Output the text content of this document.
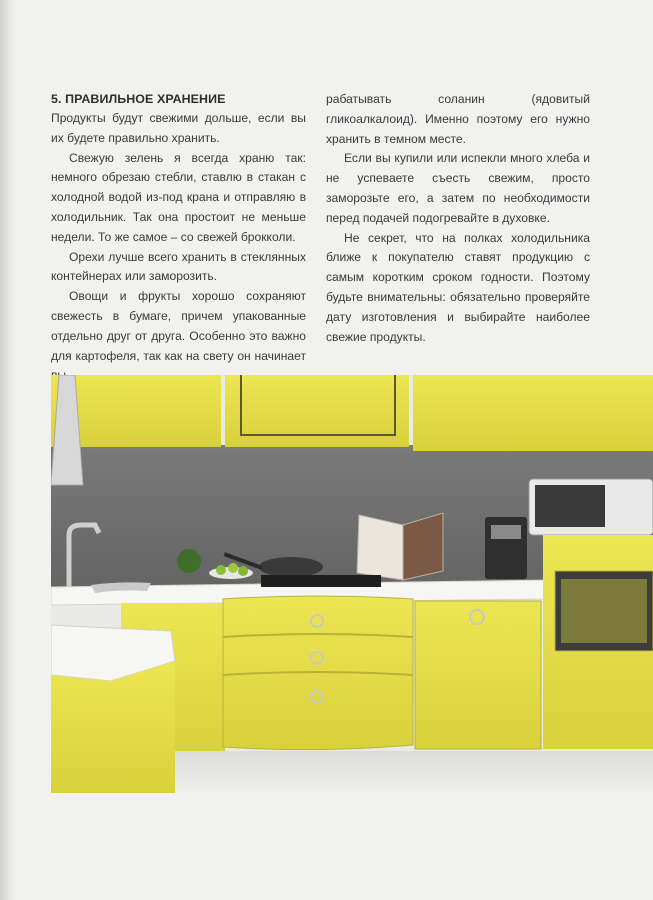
5. ПРАВИЛЬНОЕ ХРАНЕНИЕ

Продукты будут свежими дольше, если вы их будете правильно хранить.

Свежую зелень я всегда храню так: немного обрезаю стебли, ставлю в стакан с холодной водой из-под крана и отправляю в холодильник. Так она простоит не меньше недели. То же самое – со свежей брокколи.

Орехи лучше всего хранить в стеклянных контейнерах или заморозить.

Овощи и фрукты хорошо сохраняют свежесть в бумаге, причем упакованные отдельно друг от друга. Особенно это важно для картофеля, так как на свету он начинает

рабатывать соланин (ядовитый гликоалкалоид). Именно поэтому его нужно хранить в темном месте.

Если вы купили или испекли много хлеба и не успеваете съесть свежим, просто заморозьте его, а затем по необходимости перед подачей подогревайте в духовке.

Не секрет, что на полках холодильника ближе к покупателю ставят продукцию с самым коротким сроком годности. Поэтому будьте внимательны: обязательно проверяйте дату изготовления и выбирайте наиболее свежие продукты.
